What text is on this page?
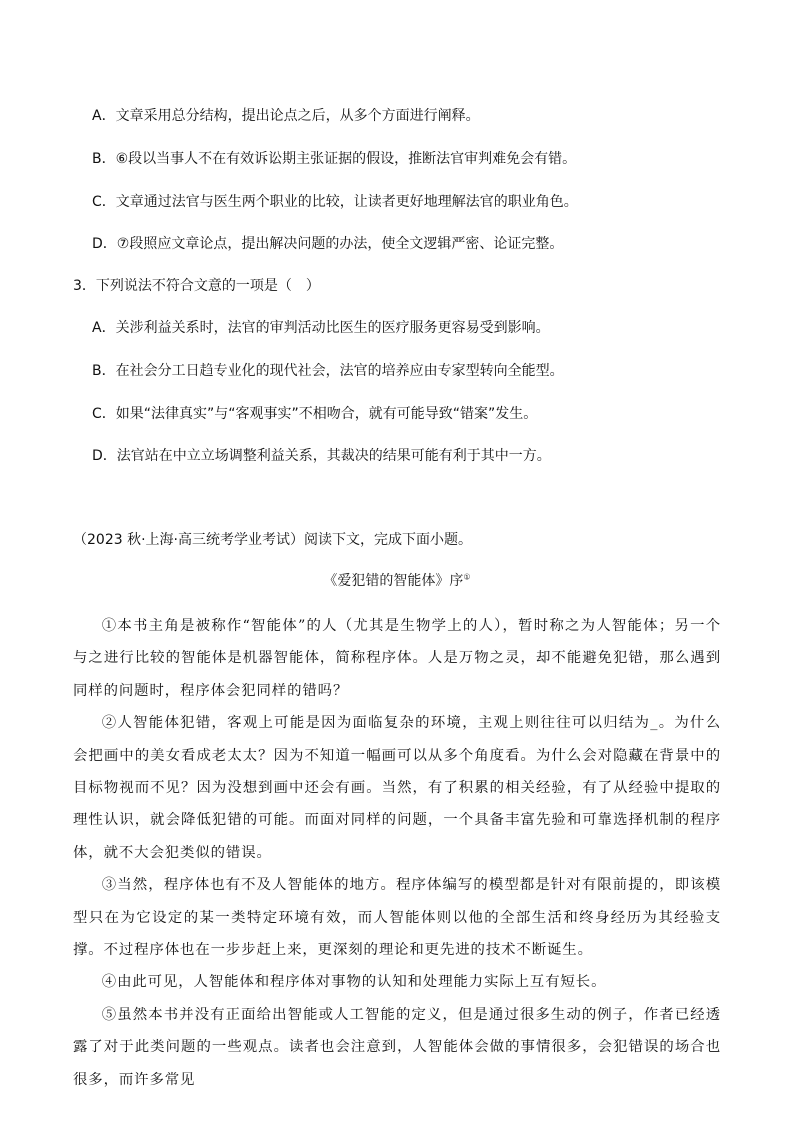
A．文章采用总分结构，提出论点之后，从多个方面进行阐释。
B．⑥段以当事人不在有效诉讼期主张证据的假设，推断法官审判难免会有错。
C．文章通过法官与医生两个职业的比较，让读者更好地理解法官的职业角色。
D．⑦段照应文章论点，提出解决问题的办法，使全文逻辑严密、论证完整。
3．下列说法不符合文意的一项是（　）
A．关涉利益关系时，法官的审判活动比医生的医疗服务更容易受到影响。
B．在社会分工日趋专业化的现代社会，法官的培养应由专家型转向全能型。
C．如果“法律真实”与“客观事实”不相吻合，就有可能导致“错案”发生。
D．法官站在中立立场调整利益关系，其裁决的结果可能有利于其中一方。
（2023 秋·上海·高三统考学业考试）阅读下文，完成下面小题。
《爱犯错的智能体》序①

①本书主角是被称作“智能体”的人（尤其是生物学上的人），暂时称之为人智能体；另一个与之进行比较的智能体是机器智能体，简称程序体。人是万物之灵，却不能避免犯错，那么遇到同样的问题时，程序体会犯同样的错吗？

②人智能体犯错，客观上可能是因为面临复杂的环境，主观上则往往可以归结为_。为什么会把画中的美女看成老太太？因为不知道一幅画可以从多个角度看。为什么会对隐藏在背景中的目标物视而不见？因为没想到画中还会有画。当然，有了积累的相关经验，有了从经验中提取的理性认识，就会降低犯错的可能。而面对同样的问题，一个具备丰富先验和可靠选择机制的程序体，就不大会犯类似的错误。

③当然，程序体也有不及人智能体的地方。程序体编写的模型都是针对有限前提的，即该模型只在为它设定的某一类特定环境有效，而人智能体则以他的全部生活和终身经历为其经验支撑。不过程序体也在一步步赶上来，更深刻的理论和更先进的技术不断诞生。

④由此可见，人智能体和程序体对事物的认知和处理能力实际上互有短长。

⑤虽然本书并没有正面给出智能或人工智能的定义，但是通过很多生动的例子，作者已经透露了对于此类问题的一些观点。读者也会注意到，人智能体会做的事情很多，会犯错误的场合也很多，而许多常见
